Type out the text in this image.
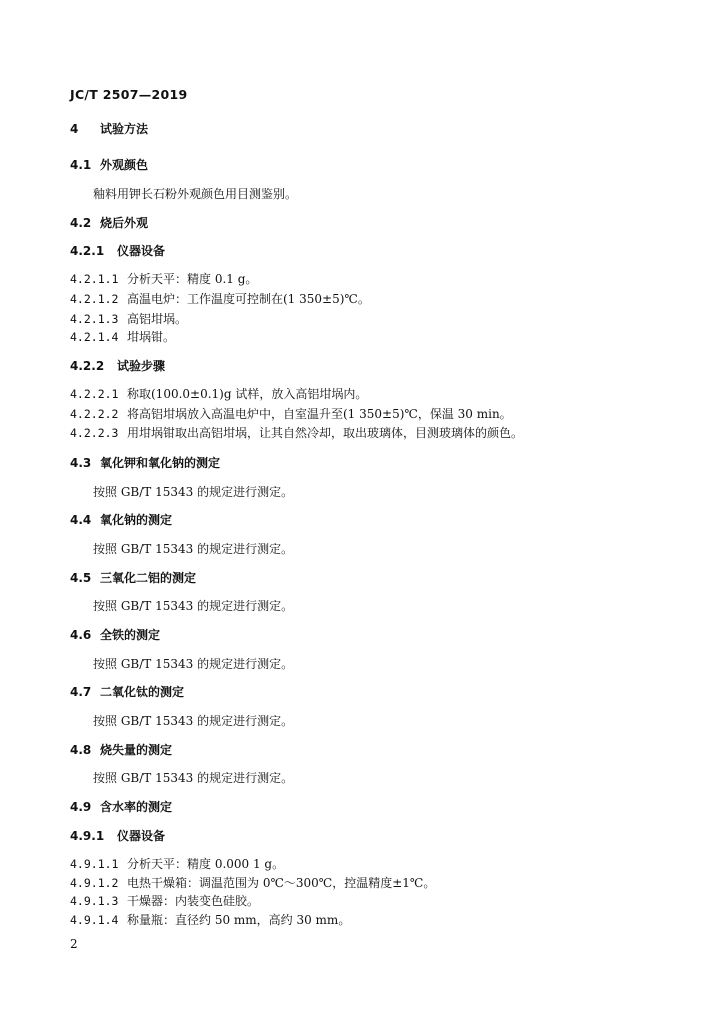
JC/T 2507—2019
4 试验方法
4.1 外观颜色
釉料用钾长石粉外观颜色用目测鉴别。
4.2 烧后外观
4.2.1 仪器设备
4.2.1.1 分析天平：精度 0.1 g。
4.2.1.2 高温电炉：工作温度可控制在(1 350±5)℃。
4.2.1.3 高铝坩埚。
4.2.1.4 坩埚钳。
4.2.2 试验步骤
4.2.2.1 称取(100.0±0.1)g 试样，放入高铝坩埚内。
4.2.2.2 将高铝坩埚放入高温电炉中，自室温升至(1 350±5)℃，保温 30 min。
4.2.2.3 用坩埚钳取出高铝坩埚，让其自然冷却，取出玻璃体，目测玻璃体的颜色。
4.3 氧化钾和氧化钠的测定
按照 GB/T 15343 的规定进行测定。
4.4 氧化钠的测定
按照 GB/T 15343 的规定进行测定。
4.5 三氧化二铝的测定
按照 GB/T 15343 的规定进行测定。
4.6 全铁的测定
按照 GB/T 15343 的规定进行测定。
4.7 二氧化钛的测定
按照 GB/T 15343 的规定进行测定。
4.8 烧失量的测定
按照 GB/T 15343 的规定进行测定。
4.9 含水率的测定
4.9.1 仪器设备
4.9.1.1 分析天平：精度 0.000 1 g。
4.9.1.2 电热干燥箱：调温范围为 0℃～300℃，控温精度±1℃。
4.9.1.3 干燥器：内装变色硅胶。
4.9.1.4 称量瓶：直径约 50 mm，高约 30 mm。
2
